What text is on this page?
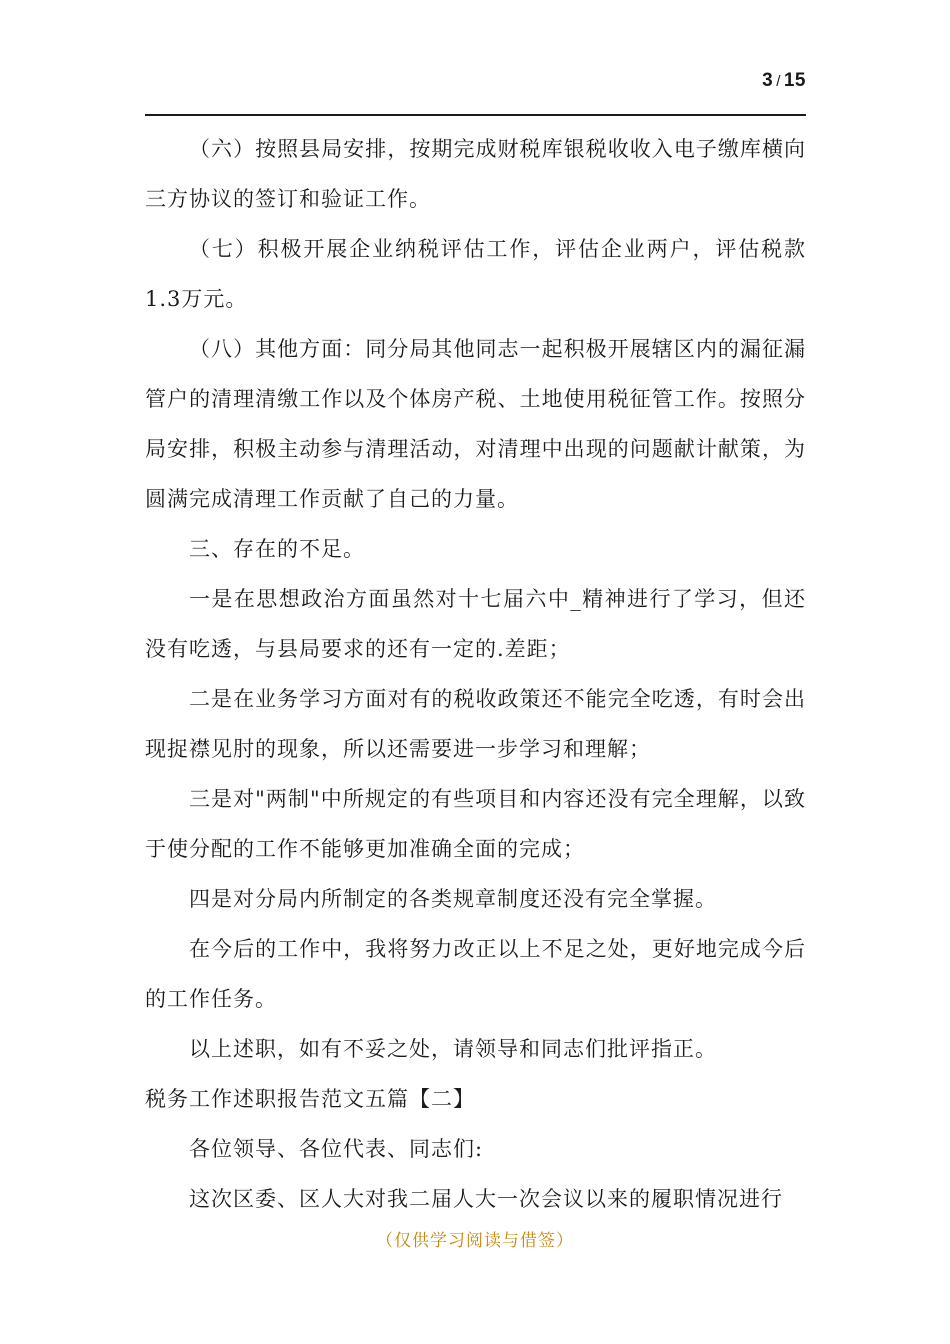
3 / 15

（六）按照县局安排，按期完成财税库银税收收入电子缴库横向三方协议的签订和验证工作。

（七）积极开展企业纳税评估工作，评估企业两户，评估税款1.3万元。

（八）其他方面：同分局其他同志一起积极开展辖区内的漏征漏管户的清理清缴工作以及个体房产税、土地使用税征管工作。按照分局安排，积极主动参与清理活动，对清理中出现的问题献计献策，为圆满完成清理工作贡献了自己的力量。

三、存在的不足。

一是在思想政治方面虽然对十七届六中_精神进行了学习，但还没有吃透，与县局要求的还有一定的.差距；

二是在业务学习方面对有的税收政策还不能完全吃透，有时会出现捉襟见肘的现象，所以还需要进一步学习和理解；

三是对"两制"中所规定的有些项目和内容还没有完全理解，以致于使分配的工作不能够更加准确全面的完成；

四是对分局内所制定的各类规章制度还没有完全掌握。

在今后的工作中，我将努力改正以上不足之处，更好地完成今后的工作任务。

以上述职，如有不妥之处，请领导和同志们批评指正。

税务工作述职报告范文五篇【二】

各位领导、各位代表、同志们:

这次区委、区人大对我二届人大一次会议以来的履职情况进行

（仅供学习阅读与借签）
